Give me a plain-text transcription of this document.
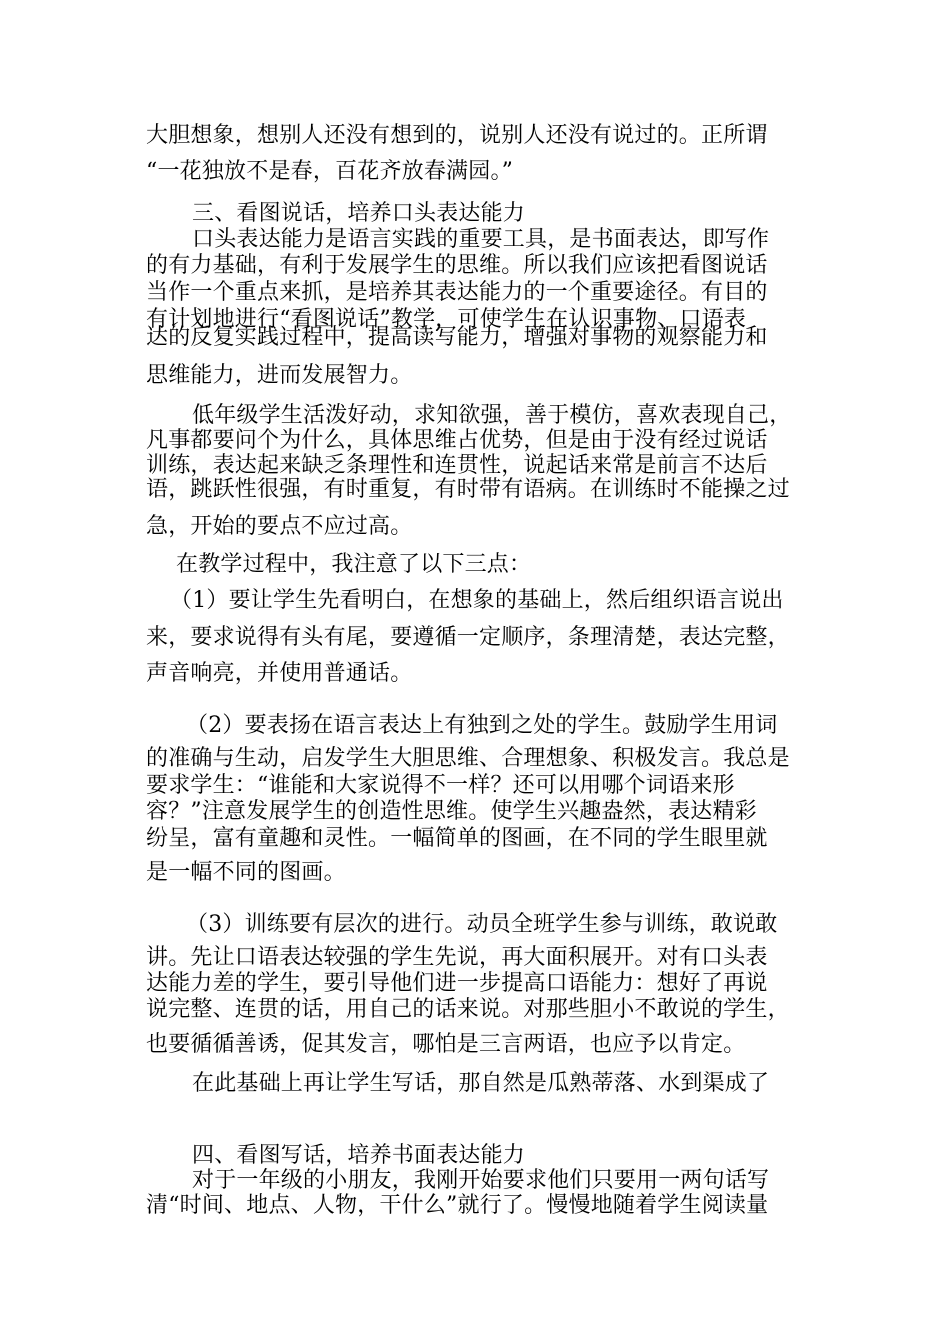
大胆想象，想别人还没有想到的，说别人还没有说过的。正所谓
“一花独放不是春，百花齐放春满园。”
三、看图说话，培养口头表达能力
口头表达能力是语言实践的重要工具，是书面表达，即写作
的有力基础，有利于发展学生的思维。所以我们应该把看图说话
当作一个重点来抓，是培养其表达能力的一个重要途径。有目的
有计划地进行“看图说话”教学，可使学生在认识事物、口语表
达的反复实践过程中，提高读写能力，增强对事物的观察能力和
思维能力，进而发展智力。
低年级学生活泼好动，求知欲强，善于模仿，喜欢表现自己，
凡事都要问个为什么，具体思维占优势，但是由于没有经过说话
训练，表达起来缺乏条理性和连贯性，说起话来常是前言不达后
语，跳跃性很强，有时重复，有时带有语病。在训练时不能操之过
急，开始的要点不应过高。
在教学过程中，我注意了以下三点：
（1）要让学生先看明白，在想象的基础上，然后组织语言说出
来，要求说得有头有尾，要遵循一定顺序，条理清楚，表达完整，
声音响亮，并使用普通话。
（2）要表扬在语言表达上有独到之处的学生。鼓励学生用词
的准确与生动，启发学生大胆思维、合理想象、积极发言。我总是
要求学生：“谁能和大家说得不一样？还可以用哪个词语来形
容？”注意发展学生的创造性思维。使学生兴趣盎然，表达精彩
纷呈，富有童趣和灵性。一幅简单的图画，在不同的学生眼里就
是一幅不同的图画。
（3）训练要有层次的进行。动员全班学生参与训练，敢说敢
讲。先让口语表达较强的学生先说，再大面积展开。对有口头表
达能力差的学生，要引导他们进一步提高口语能力：想好了再说
说完整、连贯的话，用自己的话来说。对那些胆小不敢说的学生，
也要循循善诱，促其发言，哪怕是三言两语，也应予以肯定。
在此基础上再让学生写话，那自然是瓜熟蒂落、水到渠成了
四、看图写话，培养书面表达能力
对于一年级的小朋友，我刚开始要求他们只要用一两句话写
清“时间、地点、人物，干什么”就行了。慢慢地随着学生阅读量
